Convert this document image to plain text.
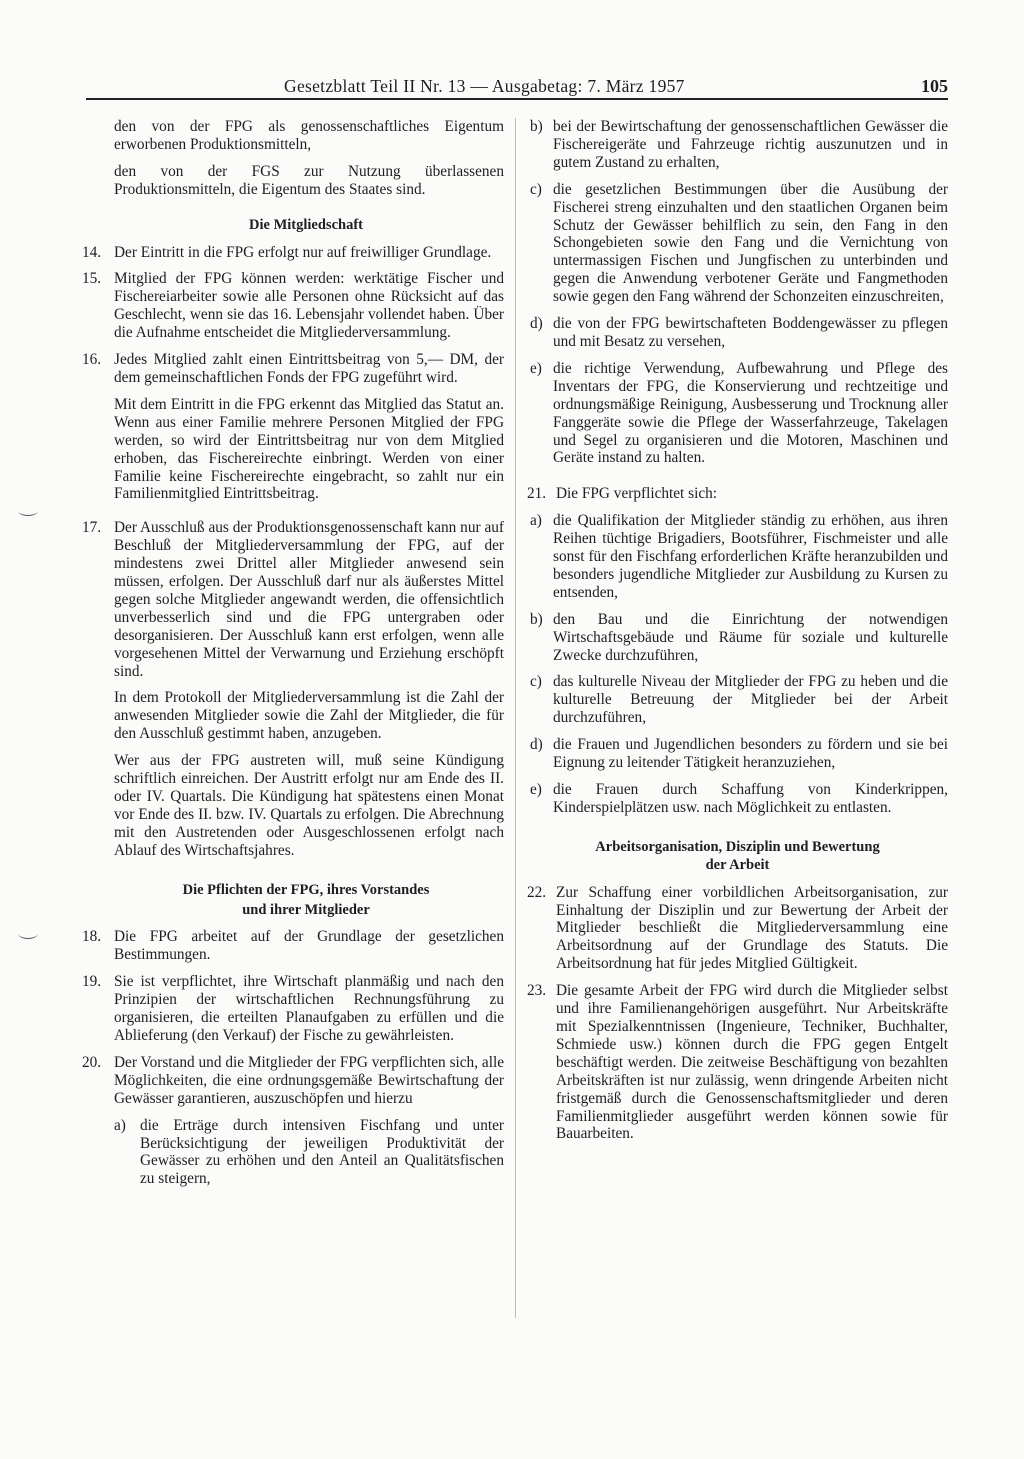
Gesetzblatt Teil II Nr. 13 — Ausgabetag: 7. März 1957	105

den von der FPG als genossenschaftliches Eigentum erworbenen Produktionsmitteln,

den von der FGS zur Nutzung überlassenen Produktionsmitteln, die Eigentum des Staates sind.

Die Mitgliedschaft
14. Der Eintritt in die FPG erfolgt nur auf freiwilliger Grundlage.
15. Mitglied der FPG können werden: werktätige Fischer und Fischereiarbeiter sowie alle Personen ohne Rücksicht auf das Geschlecht, wenn sie das 16. Lebensjahr vollendet haben. Über die Aufnahme entscheidet die Mitgliederversammlung.
16. Jedes Mitglied zahlt einen Eintrittsbeitrag von 5,— DM, der dem gemeinschaftlichen Fonds der FPG zugeführt wird.

Mit dem Eintritt in die FPG erkennt das Mitglied das Statut an. Wenn aus einer Familie mehrere Personen Mitglied der FPG werden, so wird der Eintrittsbeitrag nur von dem Mitglied erhoben, das Fischereirechte einbringt. Werden von einer Familie keine Fischereirechte eingebracht, so zahlt nur ein Familienmitglied Eintrittsbeitrag.

17. Der Ausschluß aus der Produktionsgenossenschaft kann nur auf Beschluß der Mitgliederversammlung der FPG, auf der mindestens zwei Drittel aller Mitglieder anwesend sein müssen, erfolgen. Der Ausschluß darf nur als äußerstes Mittel gegen solche Mitglieder angewandt werden, die offensichtlich unverbesserlich sind und die FPG untergraben oder desorganisieren. Der Ausschluß kann erst erfolgen, wenn alle vorgesehenen Mittel der Verwarnung und Erziehung erschöpft sind.

In dem Protokoll der Mitgliederversammlung ist die Zahl der anwesenden Mitglieder sowie die Zahl der Mitglieder, die für den Ausschluß gestimmt haben, anzugeben.

Wer aus der FPG austreten will, muß seine Kündigung schriftlich einreichen. Der Austritt erfolgt nur am Ende des II. oder IV. Quartals. Die Kündigung hat spätestens einen Monat vor Ende des II. bzw. IV. Quartals zu erfolgen. Die Abrechnung mit den Austretenden oder Ausgeschlossenen erfolgt nach Ablauf des Wirtschaftsjahres.

Die Pflichten der FPG, ihres Vorstandes
und ihrer Mitglieder
18. Die FPG arbeitet auf der Grundlage der gesetzlichen Bestimmungen.
19. Sie ist verpflichtet, ihre Wirtschaft planmäßig und nach den Prinzipien der wirtschaftlichen Rechnungsführung zu organisieren, die erteilten Planaufgaben zu erfüllen und die Ablieferung (den Verkauf) der Fische zu gewährleisten.
20. Der Vorstand und die Mitglieder der FPG verpflichten sich, alle Möglichkeiten, die eine ordnungsgemäße Bewirtschaftung der Gewässer garantieren, auszuschöpfen und hierzu
a) die Erträge durch intensiven Fischfang und unter Berücksichtigung der jeweiligen Produktivität der Gewässer zu erhöhen und den Anteil an Qualitätsfischen zu steigern,
b) bei der Bewirtschaftung der genossenschaftlichen Gewässer die Fischereigeräte und Fahrzeuge richtig auszunutzen und in gutem Zustand zu erhalten,
c) die gesetzlichen Bestimmungen über die Ausübung der Fischerei streng einzuhalten und den staatlichen Organen beim Schutz der Gewässer behilflich zu sein, den Fang in den Schongebieten sowie den Fang und die Vernichtung von untermassigen Fischen und Jungfischen zu unterbinden und gegen die Anwendung verbotener Geräte und Fangmethoden sowie gegen den Fang während der Schonzeiten einzuschreiten,
d) die von der FPG bewirtschafteten Boddengewässer zu pflegen und mit Besatz zu versehen,
e) die richtige Verwendung, Aufbewahrung und Pflege des Inventars der FPG, die Konservierung und rechtzeitige und ordnungsmäßige Reinigung, Ausbesserung und Trocknung aller Fanggeräte sowie die Pflege der Wasserfahrzeuge, Takelagen und Segel zu organisieren und die Motoren, Maschinen und Geräte instand zu halten.
21. Die FPG verpflichtet sich:
a) die Qualifikation der Mitglieder ständig zu erhöhen, aus ihren Reihen tüchtige Brigadiers, Bootsführer, Fischmeister und alle sonst für den Fischfang erforderlichen Kräfte heranzubilden und besonders jugendliche Mitglieder zur Ausbildung zu Kursen zu entsenden,
b) den Bau und die Einrichtung der notwendigen Wirtschaftsgebäude und Räume für soziale und kulturelle Zwecke durchzuführen,
c) das kulturelle Niveau der Mitglieder der FPG zu heben und die kulturelle Betreuung der Mitglieder bei der Arbeit durchzuführen,
d) die Frauen und Jugendlichen besonders zu fördern und sie bei Eignung zu leitender Tätigkeit heranzuziehen,
e) die Frauen durch Schaffung von Kinderkrippen, Kinderspielplätzen usw. nach Möglichkeit zu entlasten.
Arbeitsorganisation, Disziplin und Bewertung
der Arbeit
22. Zur Schaffung einer vorbildlichen Arbeitsorganisation, zur Einhaltung der Disziplin und zur Bewertung der Arbeit der Mitglieder beschließt die Mitgliederversammlung eine Arbeitsordnung auf der Grundlage des Statuts. Die Arbeitsordnung hat für jedes Mitglied Gültigkeit.
23. Die gesamte Arbeit der FPG wird durch die Mitglieder selbst und ihre Familienangehörigen ausgeführt. Nur Arbeitskräfte mit Spezialkenntnissen (Ingenieure, Techniker, Buchhalter, Schmiede usw.) können durch die FPG gegen Entgelt beschäftigt werden. Die zeitweise Beschäftigung von bezahlten Arbeitskräften ist nur zulässig, wenn dringende Arbeiten nicht fristgemäß durch die Genossenschaftsmitglieder und deren Familienmitglieder ausgeführt werden können sowie für Bauarbeiten.
